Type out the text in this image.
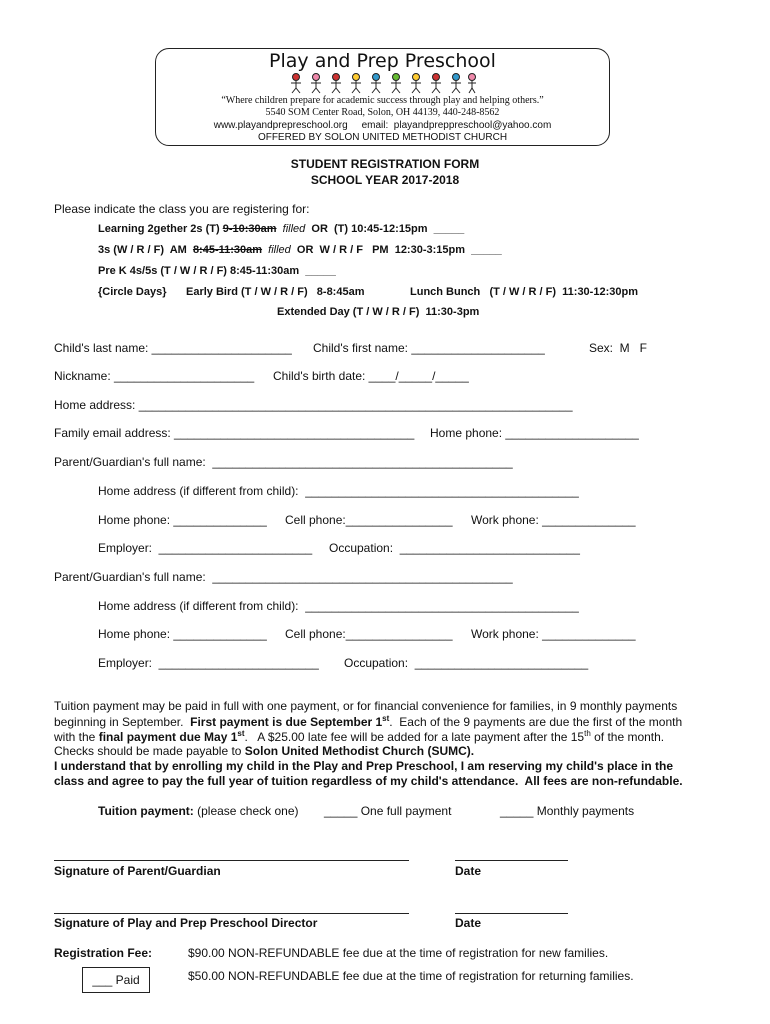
Play and Prep Preschool
“Where children prepare for academic success through play and helping others.”
5540 SOM Center Road, Solon, OH 44139, 440-248-8562
www.playandprepreschool.org     email:  playandpreppreschool@yahoo.com
OFFERED BY SOLON UNITED METHODIST CHURCH
STUDENT REGISTRATION FORM
SCHOOL YEAR 2017-2018
Please indicate the class you are registering for:
Learning 2gether 2s (T) 9-10:30am filled OR  (T) 10:45-12:15pm  _____
3s (W / R / F)  AM  8:45-11:30am filled OR  W / R / F   PM  12:30-3:15pm  _____
Pre K 4s/5s (T / W / R / F) 8:45-11:30am  _____
{Circle Days} Early Bird (T / W / R / F)   8-8:45am	Lunch Bunch   (T / W / R / F)  11:30-12:30pm
Extended Day (T / W / R / F)  11:30-3pm
Child's last name: _____________________ Child's first name: ____________________	Sex:  M   F
Nickname: _____________________ Child's birth date: ____/_____/_____
Home address: _________________________________________________________________
Family email address: ____________________________________ Home phone: ____________________
Parent/Guardian's full name:  _____________________________________________
Home address (if different from child):  _________________________________________
Home phone: ______________ Cell phone:________________ Work phone: ______________
Employer:  _______________________ Occupation:  ___________________________
Parent/Guardian's full name:  _____________________________________________
Home address (if different from child):  _________________________________________
Home phone: ______________ Cell phone:________________ Work phone: ______________
Employer:  ________________________ Occupation:  __________________________
Tuition payment may be paid in full with one payment, or for financial convenience for families, in 9 monthly payments
beginning in September.  First payment is due September 1st.  Each of the 9 payments are due the first of the month
with the final payment due May 1st.   A $25.00 late fee will be added for a late payment after the 15th of the month.
Checks should be made payable to Solon United Methodist Church (SUMC).
I understand that by enrolling my child in the Play and Prep Preschool, I am reserving my child's place in the
class and agree to pay the full year of tuition regardless of my child's attendance.  All fees are non-refundable.
Tuition payment: (please check one) _____ One full payment	_____ Monthly payments
Signature of Parent/Guardian	Date
Signature of Play and Prep Preschool Director	Date
Registration Fee:	$90.00 NON-REFUNDABLE fee due at the time of registration for new families.
$50.00 NON-REFUNDABLE fee due at the time of registration for returning families.
___ Paid
